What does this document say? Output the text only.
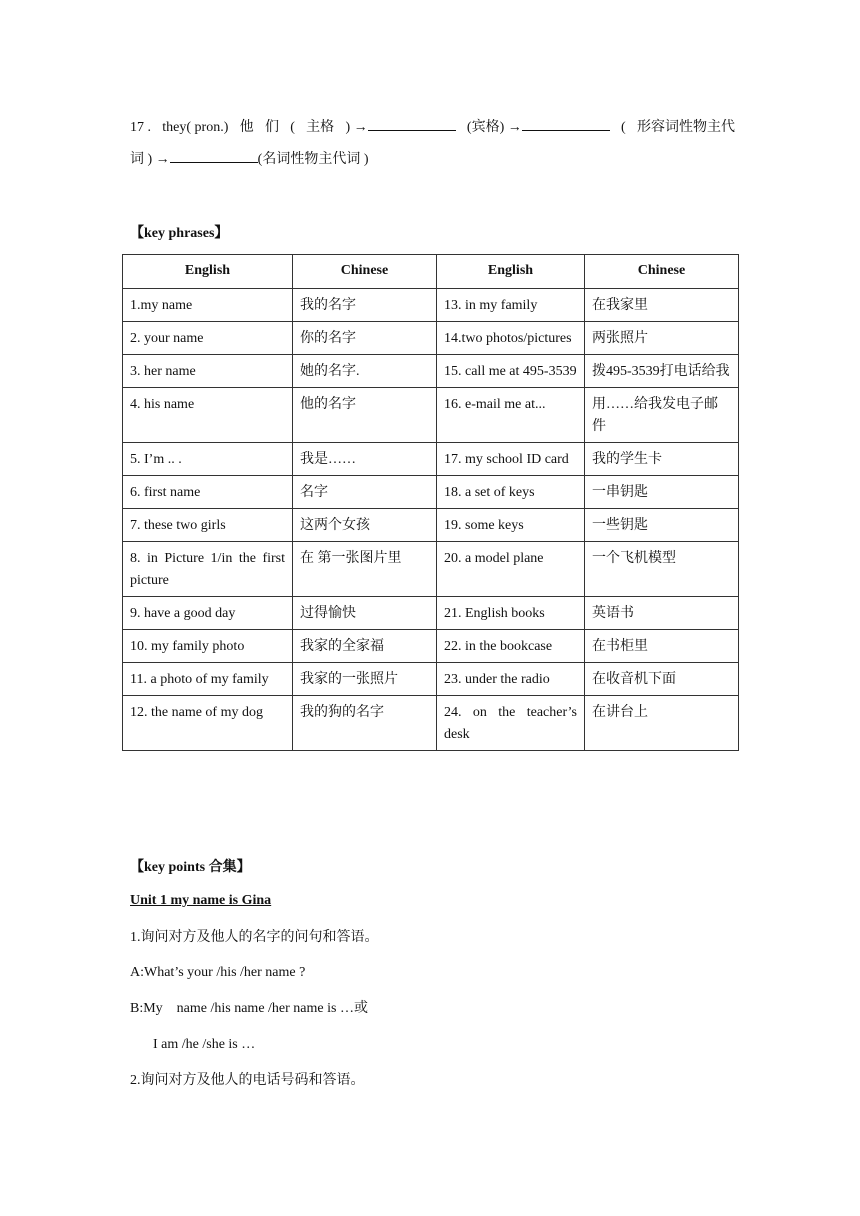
17 . they( pron.) 他 们 ( 主格 ) →	(宾格) →	( 形容词性物主代
词 ) →	(名词性物主代词 )
【key phrases】
English	Chinese	English	Chinese
1.my name	我的名字	13. in my family	在我家里
2. your name	你的名字	14.two photos/pictures	两张照片
3. her name	她的名字.	15. call me at 495-3539	拨495-3539打电话给我
4. his name	他的名字	16. e-mail me at...	用……给我发电子邮件
5. I’m .. .	我是……	17. my school ID card	我的学生卡
6. first name	名字	18. a set of keys	一串钥匙
7. these two girls	这两个女孩	19. some keys	一些钥匙
8. in Picture 1/in the first picture	在 第一张图片里	20. a model plane	一个飞机模型
9. have a good day	过得愉快	21. English books	英语书
10. my family photo	我家的全家福	22. in the bookcase	在书柜里
11. a photo of my family	我家的一张照片	23. under the radio	在收音机下面
12. the name of my dog	我的狗的名字	24. on the teacher’s desk	在讲台上
【key points 合集】
Unit 1 my name is Gina
1.询问对方及他人的名字的问句和答语。
A:What’s your /his /her name ?
B:My    name /his name /her name is …或
I am /he /she is …
2.询问对方及他人的电话号码和答语。
